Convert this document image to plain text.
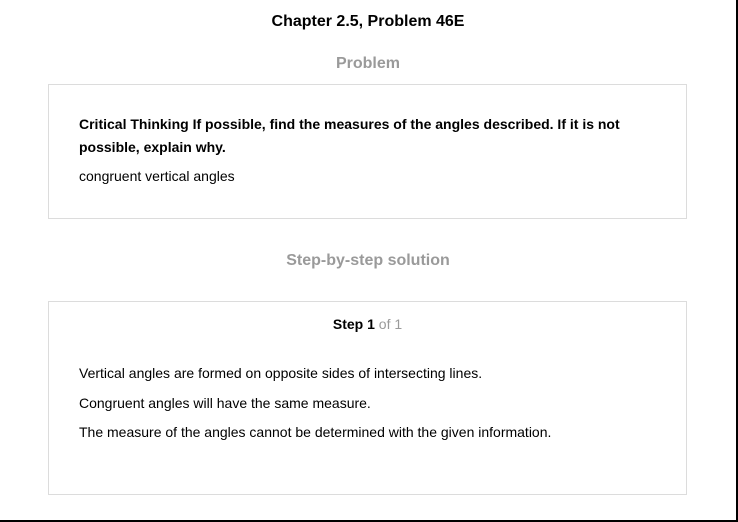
Chapter 2.5, Problem 46E
Problem
Critical Thinking If possible, find the measures of the angles described. If it is not possible, explain why.
congruent vertical angles
Step-by-step solution
Step 1 of 1
Vertical angles are formed on opposite sides of intersecting lines.
Congruent angles will have the same measure.
The measure of the angles cannot be determined with the given information.
